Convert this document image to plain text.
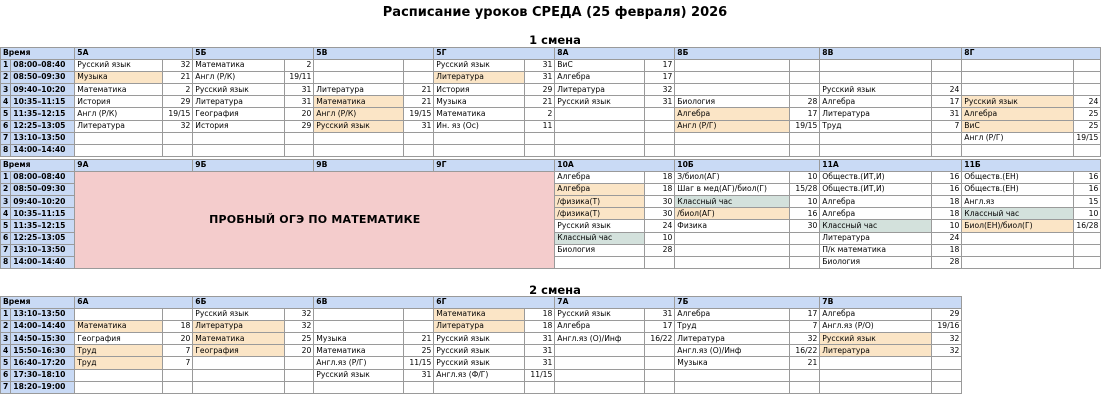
Расписание уроков СРЕДА (25 февраля) 2026
1 смена
Время		5А		5Б		5В		5Г		8А		8Б		8В		8Г	
1	08:00–08:40	Русский язык	32	Математика	2			Русский язык	31	ВиС	17						
2	08:50–09:30	Музыка	21	Англ (Р/К)	19/11			Литература	31	Алгебра	17						
3	09:40–10:20	Математика	2	Русский язык	31	Литература	21	История	29	Литература	32			Русский язык	24		
4	10:35–11:15	История	29	Литература	31	Математика	21	Музыка	21	Русский язык	31	Биология	28	Алгебра	17	Русский язык	24
5	11:35–12:15	Англ (Р/К)	19/15	География	20	Англ (Р/К)	19/15	Математика	2			Алгебра	17	Литература	31	Алгебра	25
6	12:25–13:05	Литература	32	История	29	Русский язык	31	Ин. яз (Ос)	11			Англ (Р/Г)	19/15	Труд	7	ВиС	25
7	13:10–13:50															Англ (Р/Г)	19/15
8	14:00–14:40																
Время		9А	9Б	9В	9Г	10А		10Б		11А		11Б	
1	08:00–08:40	ПРОБНЫЙ ОГЭ ПО МАТЕМАТИКЕ				Алгебра	18	З/биол(АГ)	10	Обществ.(ИТ,И)	16	Обществ.(ЕН)	16
2	08:50–09:30					Алгебра	18	Шаг в мед(АГ)/биол(Г)	15/28	Обществ.(ИТ,И)	16	Обществ.(ЕН)	16
3	09:40–10:20					/физика(Т)	30	Классный час	10	Алгебра	18	Англ.яз	15
4	10:35–11:15					/физика(Т)	30	/биол(АГ)	16	Алгебра	18	Классный час	10
5	11:35–12:15					Русский язык	24	Физика	30	Классный час	10	Биол(ЕН)/биол(Г)	16/28
6	12:25–13:05					Классный час	10			Литература	24		
7	13:10–13:50					Биология	28			П/к математика	18		
8	14:00–14:40									Биология	28		
2 смена
Время		6А		6Б		6В		6Г		7А		7Б		7В	
1	13:10–13:50			Русский язык	32			Математика	18	Русский язык	31	Алгебра	17	Алгебра	29
2	14:00–14:40	Математика	18	Литература	32			Литература	18	Алгебра	17	Труд	7	Англ.яз (Р/О)	19/16
3	14:50–15:30	География	20	Математика	25	Музыка	21	Русский язык	31	Англ.яз (О)/Инф	16/22	Литература	32	Русский язык	32
4	15:50–16:30	Труд	7	География	20	Математика	25	Русский язык	31			Англ.яз (О)/Инф	16/22	Литература	32
5	16:40–17:20	Труд	7			Англ.яз (Р/Г)	11/15	Русский язык	31			Музыка	21		
6	17:30–18:10					Русский язык	31	Англ.яз (Ф/Г)	11/15						
7	18:20–19:00														
